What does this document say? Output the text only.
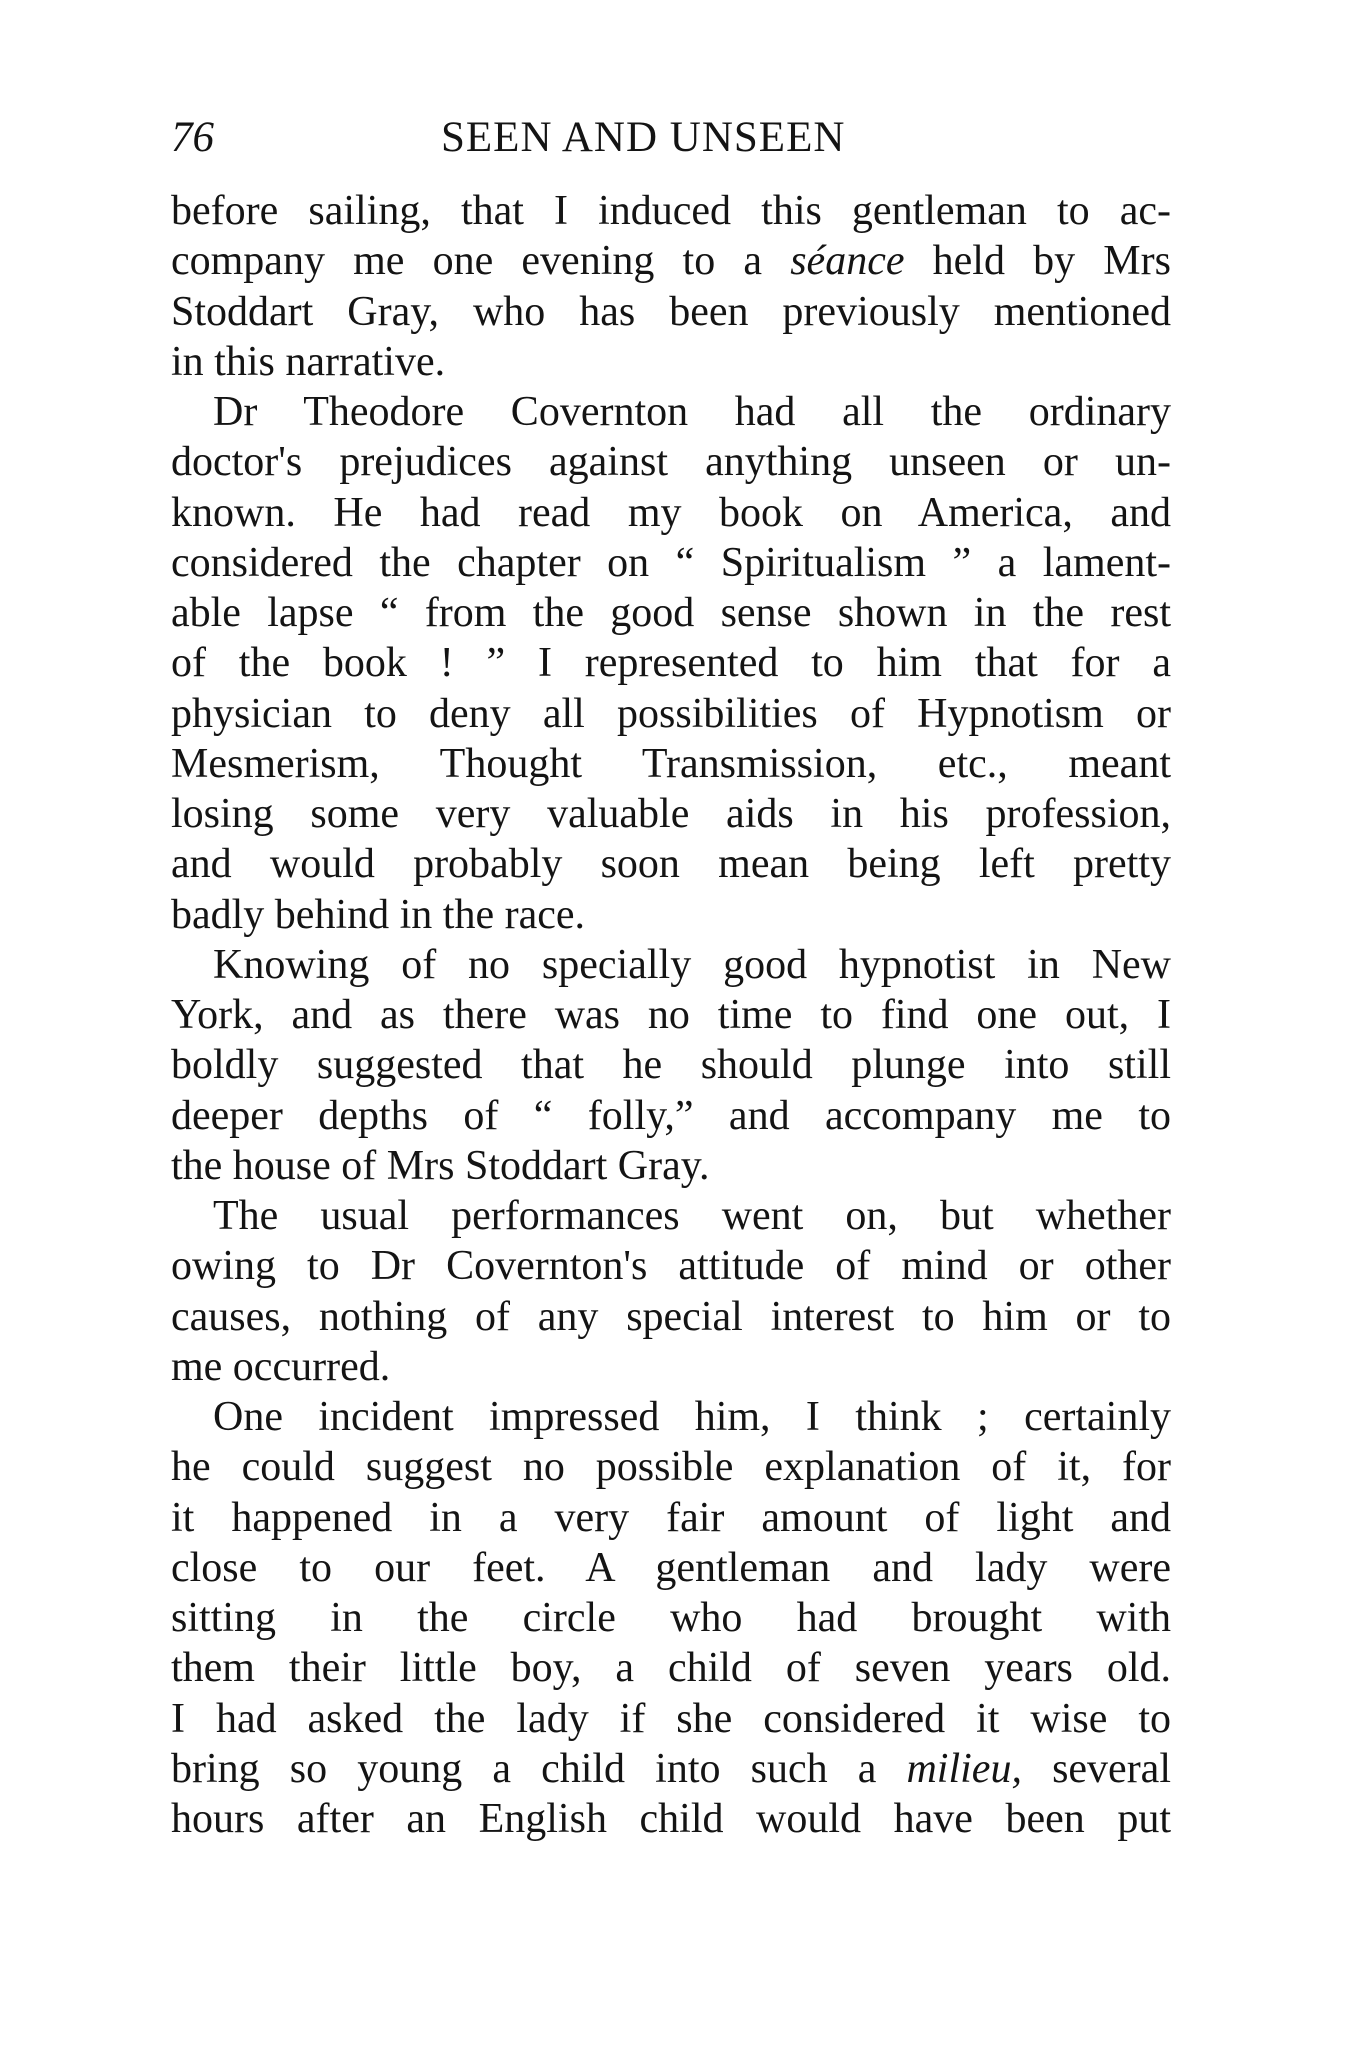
76	SEEN AND UNSEEN
before sailing, that I induced this gentleman to ac-
company me one evening to a séance held by Mrs
Stoddart Gray, who has been previously mentioned
in this narrative.
Dr Theodore Covernton had all the ordinary
doctor's prejudices against anything unseen or un-
known. He had read my book on America, and
considered the chapter on “ Spiritualism ” a lament-
able lapse “ from the good sense shown in the rest
of the book ! ” I represented to him that for a
physician to deny all possibilities of Hypnotism or
Mesmerism, Thought Transmission, etc., meant
losing some very valuable aids in his profession,
and would probably soon mean being left pretty
badly behind in the race.
Knowing of no specially good hypnotist in New
York, and as there was no time to find one out, I
boldly suggested that he should plunge into still
deeper depths of “ folly,” and accompany me to
the house of Mrs Stoddart Gray.
The usual performances went on, but whether
owing to Dr Covernton's attitude of mind or other
causes, nothing of any special interest to him or to
me occurred.
One incident impressed him, I think ; certainly
he could suggest no possible explanation of it, for
it happened in a very fair amount of light and
close to our feet. A gentleman and lady were
sitting in the circle who had brought with
them their little boy, a child of seven years old.
I had asked the lady if she considered it wise to
bring so young a child into such a milieu, several
hours after an English child would have been put
